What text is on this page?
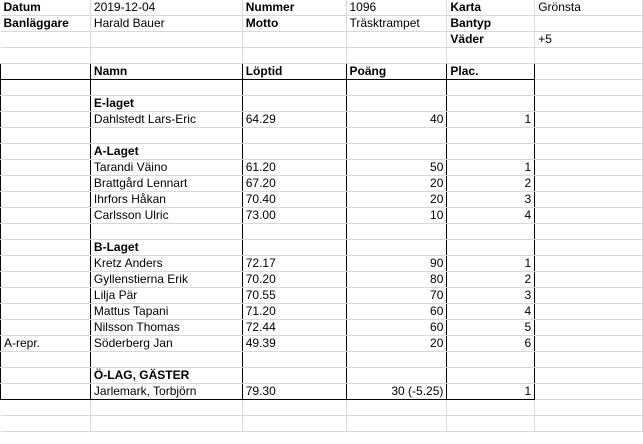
Datum	2019-12-04	Nummer	1096	Karta	Grönsta
Banläggare	Harald Bauer	Motto	Träsktrampet	Bantyp	
				Väder	+5

	Namn	Löptid	Poäng	Plac.	

	E-laget				
	Dahlstedt Lars-Eric	64.29	40	1	

	A-Laget				
	Tarandi Väino	61.20	50	1	
	Brattgård Lennart	67.20	20	2	
	Ihrfors Håkan	70.40	20	3	
	Carlsson Ulric	73.00	10	4	

	B-Laget				
	Kretz Anders	72.17	90	1	
	Gyllenstierna Erik	70.20	80	2	
	Lilja Pär	70.55	70	3	
	Mattus Tapani	71.20	60	4	
	Nilsson Thomas	72.44	60	5	
A-repr.	Söderberg Jan	49.39	20	6	

	Ö-LAG, GÄSTER				
	Jarlemark, Torbjörn	79.30	30 (-5.25)	1	
